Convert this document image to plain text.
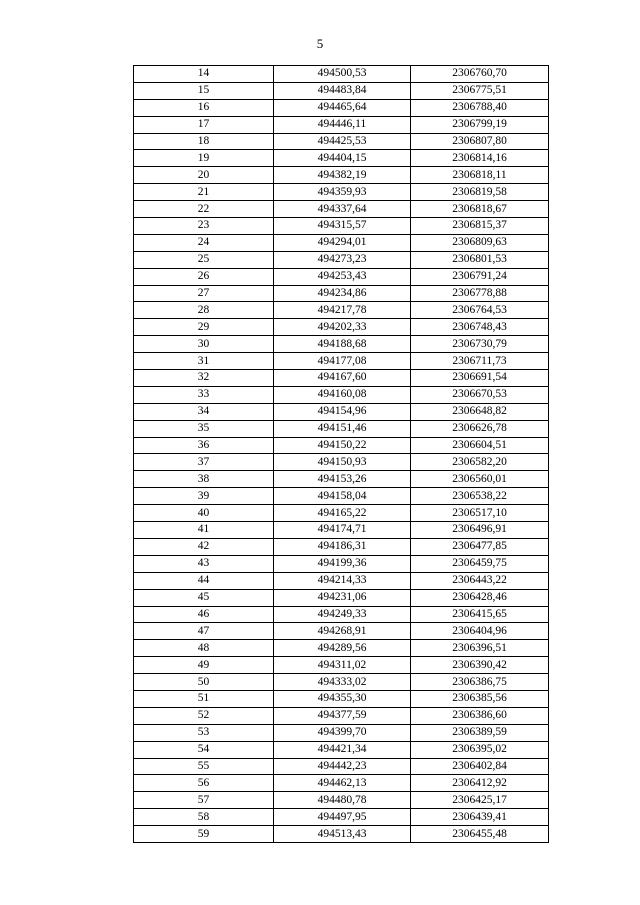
5
14	494500,53	2306760,70
15	494483,84	2306775,51
16	494465,64	2306788,40
17	494446,11	2306799,19
18	494425,53	2306807,80
19	494404,15	2306814,16
20	494382,19	2306818,11
21	494359,93	2306819,58
22	494337,64	2306818,67
23	494315,57	2306815,37
24	494294,01	2306809,63
25	494273,23	2306801,53
26	494253,43	2306791,24
27	494234,86	2306778,88
28	494217,78	2306764,53
29	494202,33	2306748,43
30	494188,68	2306730,79
31	494177,08	2306711,73
32	494167,60	2306691,54
33	494160,08	2306670,53
34	494154,96	2306648,82
35	494151,46	2306626,78
36	494150,22	2306604,51
37	494150,93	2306582,20
38	494153,26	2306560,01
39	494158,04	2306538,22
40	494165,22	2306517,10
41	494174,71	2306496,91
42	494186,31	2306477,85
43	494199,36	2306459,75
44	494214,33	2306443,22
45	494231,06	2306428,46
46	494249,33	2306415,65
47	494268,91	2306404,96
48	494289,56	2306396,51
49	494311,02	2306390,42
50	494333,02	2306386,75
51	494355,30	2306385,56
52	494377,59	2306386,60
53	494399,70	2306389,59
54	494421,34	2306395,02
55	494442,23	2306402,84
56	494462,13	2306412,92
57	494480,78	2306425,17
58	494497,95	2306439,41
59	494513,43	2306455,48
